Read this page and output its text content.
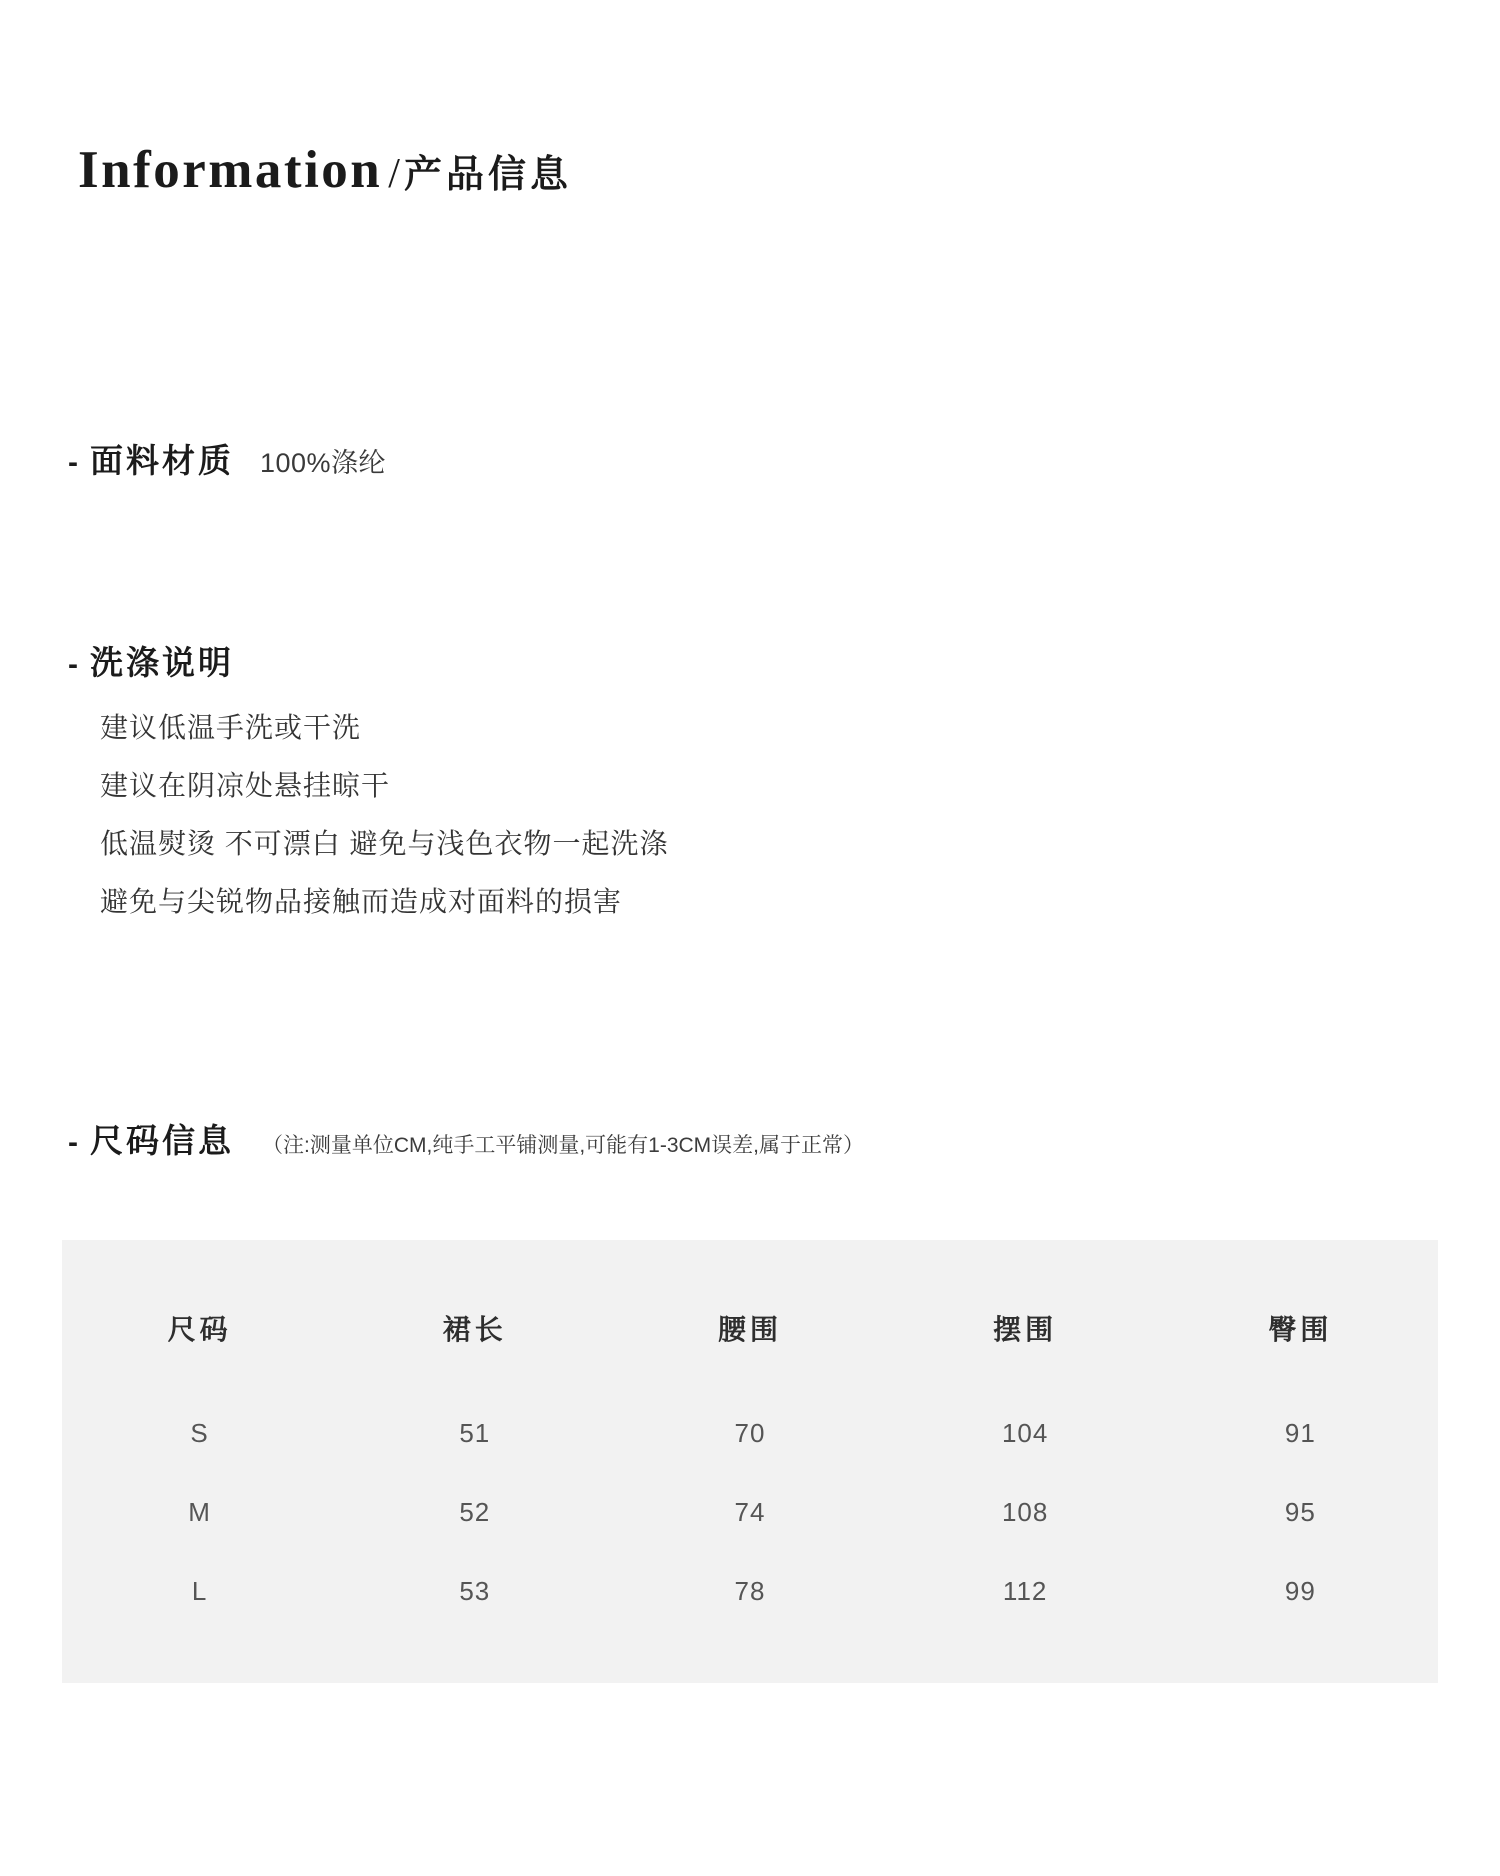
Information / 产品信息
- 面料材质 100%涤纶
- 洗涤说明
建议低温手洗或干洗
建议在阴凉处悬挂晾干
低温熨烫 不可漂白 避免与浅色衣物一起洗涤
避免与尖锐物品接触而造成对面料的损害
- 尺码信息 （注:测量单位CM,纯手工平铺测量,可能有1-3CM误差,属于正常）
尺码	裙长	腰围	摆围	臀围
S	51	70	104	91
M	52	74	108	95
L	53	78	112	99
